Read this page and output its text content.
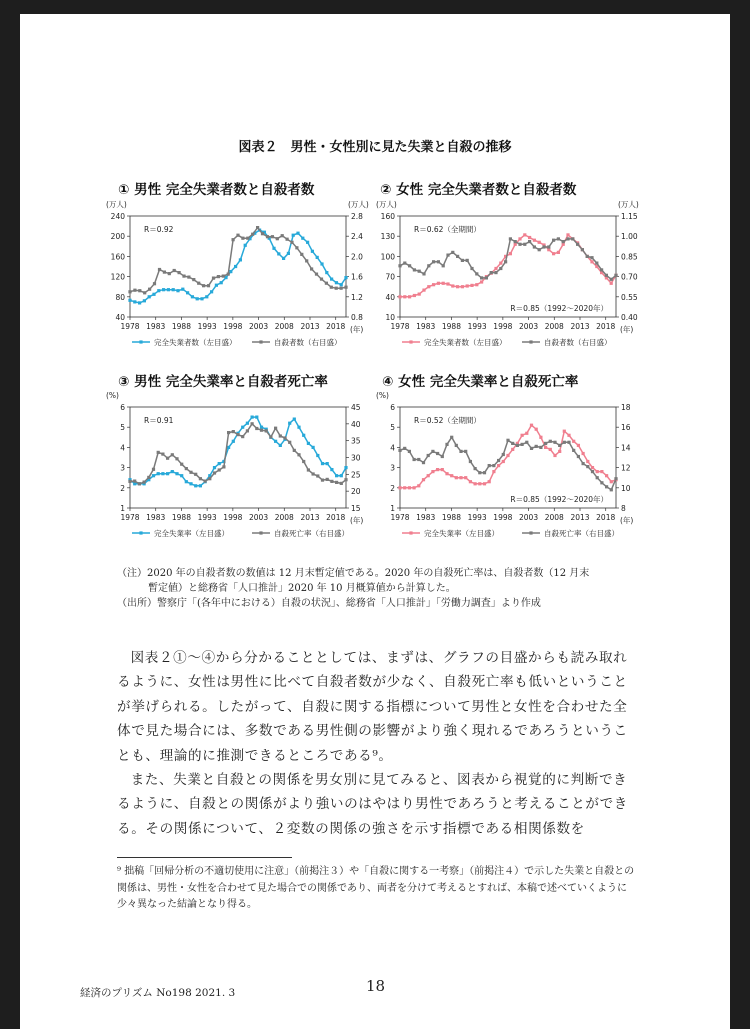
図表２　男性・女性別に見た失業と自殺の推移
① 男性 完全失業者数と自殺者数	② 女性 完全失業者数と自殺者数
③ 男性 完全失業率と自殺者死亡率	④ 女性 完全失業率と自殺死亡率
(万人)	(万人)
40
80
120
160
200
240
0.8
1.2
1.6
2.0
2.4
2.8
1978 1983 1988 1993 1998 2003 2008 2013 2018 (年)
R＝0.92
完全失業者数（左目盛）	自殺者数（右目盛）
(万人)	(万人)
10
40
70
100
130
160
0.40
0.55
0.70
0.85
1.00
1.15
1978 1983 1988 1993 1998 2003 2008 2013 2018 (年)
R＝0.62（全期間）
R＝0.85（1992～2020年）
完全失業者数（左目盛）	自殺者数（右目盛）
(%)
1
2
3
4
5
6
15
20
25
30
35
40
45
1978 1983 1988 1993 1998 2003 2008 2013 2018 (年)
R＝0.91
完全失業率（左目盛）	自殺死亡率（右目盛）
(%)
1
2
3
4
5
6
8
10
12
14
16
18
1978 1983 1988 1993 1998 2003 2008 2013 2018 (年)
R＝0.52（全期間）
R＝0.85（1992～2020年）
完全失業率（左目盛）	自殺死亡率（右目盛）
（注）2020 年の自殺者数の数値は 12 月末暫定値である。2020 年の自殺死亡率は、自殺者数（12 月末
暫定値）と総務省「人口推計」2020 年 10 月概算値から計算した。
（出所）警察庁「(各年中における）自殺の状況」、総務省「人口推計」「労働力調査」より作成

図表２①～④から分かることとしては、まずは、グラフの目盛からも読み取れるように、女性は男性に比べて自殺者数が少なく、自殺死亡率も低いということが挙げられる。したがって、自殺に関する指標について男性と女性を合わせた全体で見た場合には、多数である男性側の影響がより強く現れるであろうということも、理論的に推測できるところである⁹。

また、失業と自殺との関係を男女別に見てみると、図表から視覚的に判断できるように、自殺との関係がより強いのはやはり男性であろうと考えることができる。その関係について、２変数の関係の強さを示す指標である相関係数を

⁹ 拙稿「回帰分析の不適切使用に注意」（前掲注３）や「自殺に関する一考察」（前掲注４）で示した失業と自殺との関係は、男性・女性を合わせて見た場合での関係であり、両者を分けて考えるとすれば、本稿で述べていくように少々異なった結論となり得る。
経済のプリズム No198 2021. 3	18
